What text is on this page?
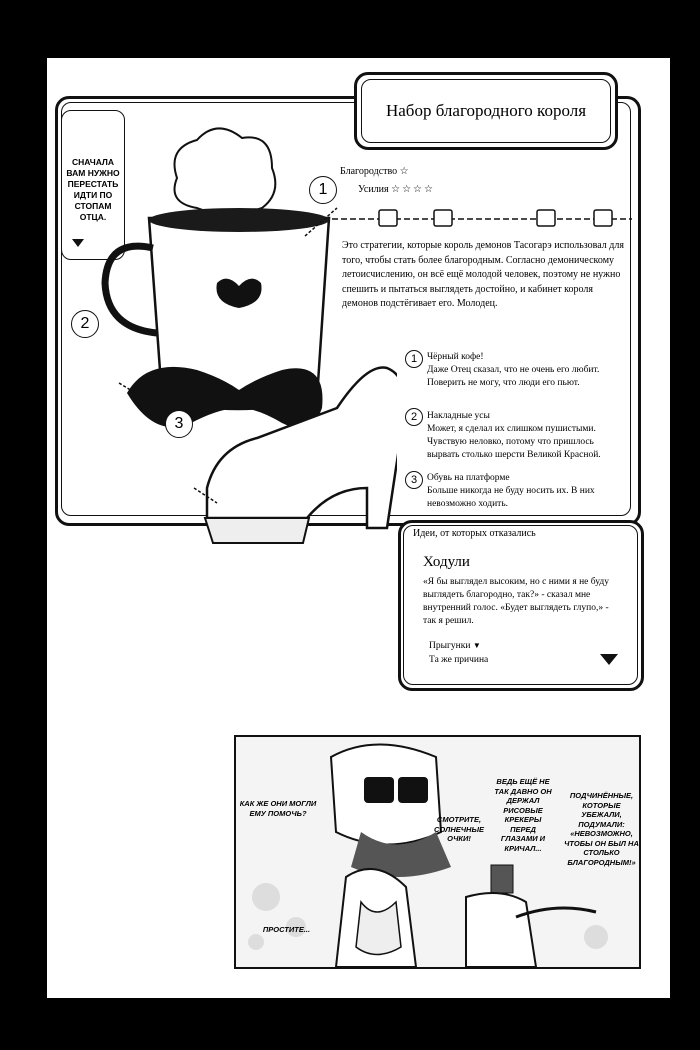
Набор благородного короля
СНАЧАЛА ВАМ НУЖНО ПЕРЕСТАТЬ ИДТИ ПО СТОПАМ ОТЦА.
1
2
3
Благородство ☆
Усилия ☆☆☆☆
Это стратегии, которые король демонов Тасогарэ использовал для того, чтобы стать более благородным. Согласно демоническому летоисчислению, он всё ещё молодой человек, поэтому не нужно спешить и пытаться выглядеть достойно, и кабинет короля демонов подстёгивает его. Молодец.
1	Чёрный кофе!
Даже Отец сказал, что не очень его любит. Поверить не могу, что люди его пьют.
2	Накладные усы
Может, я сделал их слишком пушистыми. Чувствую неловко, потому что пришлось вырвать столько шерсти Великой Красной.
3	Обувь на платформе
Больше никогда не буду носить их. В них невозможно ходить.
Идеи, от которых отказались
Ходули
«Я бы выглядел высоким, но с ними я не буду выглядеть благородно, так?» - сказал мне внутренний голос. «Будет выглядеть глупо,» - так я решил.
Прыгунки ▼
Та же причина
КАК ЖЕ ОНИ МОГЛИ ЕМУ ПОМОЧЬ?
СМОТРИТЕ, СОЛНЕЧНЫЕ ОЧКИ!
ВЕДЬ ЕЩЁ НЕ ТАК ДАВНО ОН ДЕРЖАЛ РИСОВЫЕ КРЕКЕРЫ ПЕРЕД ГЛАЗАМИ И КРИЧАЛ...
ПОДЧИНЁННЫЕ, КОТОРЫЕ УБЕЖАЛИ, ПОДУМАЛИ: «НЕВОЗМОЖНО, ЧТОБЫ ОН БЫЛ НА СТОЛЬКО БЛАГОРОДНЫМ!»
ПРОСТИТЕ...
